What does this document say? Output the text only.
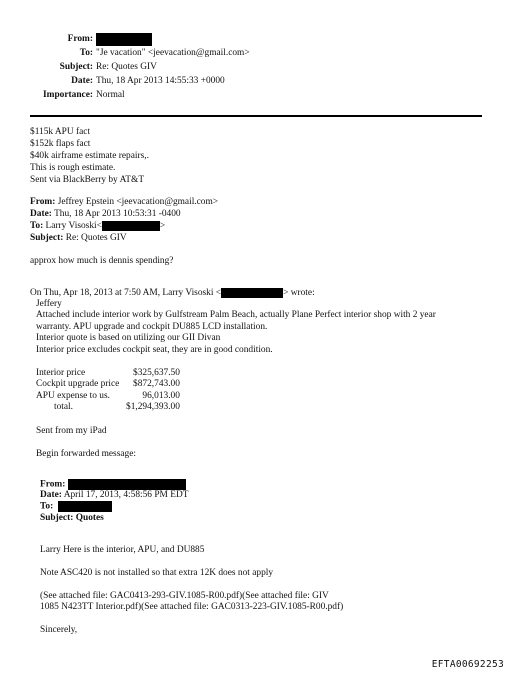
From:
To: "Je vacation" <jeevacation@gmail.com>
Subject: Re: Quotes GIV
Date: Thu, 18 Apr 2013 14:55:33 +0000
Importance: Normal
$115k APU fact
$152k flaps fact
$40k airframe estimate repairs,.
This is rough estimate.
Sent via BlackBerry by AT&T
From: Jeffrey Epstein <jeevacation@gmail.com>
Date: Thu, 18 Apr 2013 10:53:31 -0400
To: Larry Visoski<	>
Subject: Re: Quotes GIV
approx how much is dennis spending?
On Thu, Apr 18, 2013 at 7:50 AM, Larry Visoski <	> wrote:
Jeffery
Attached include interior work by Gulfstream Palm Beach, actually Plane Perfect interior shop with 2 year
warranty. APU upgrade and cockpit DU885 LCD installation.
Interior quote is based on utilizing our GII Divan
Interior price excludes cockpit seat, they are in good condition.
Interior price	$325,637.50
Cockpit upgrade price	$872,743.00
APU expense to us.	96,013.00
total.	$1,294,393.00
Sent from my iPad
Begin forwarded message:
From:
Date: April 17, 2013, 4:58:56 PM EDT
To:
Subject: Quotes
Larry Here is the interior, APU, and DU885
Note ASC420 is not installed so that extra 12K does not apply
(See attached file: GAC0413-293-GIV.1085-R00.pdf)(See attached file: GIV
1085 N423TT Interior.pdf)(See attached file: GAC0313-223-GIV.1085-R00.pdf)
Sincerely,
EFTA00692253
